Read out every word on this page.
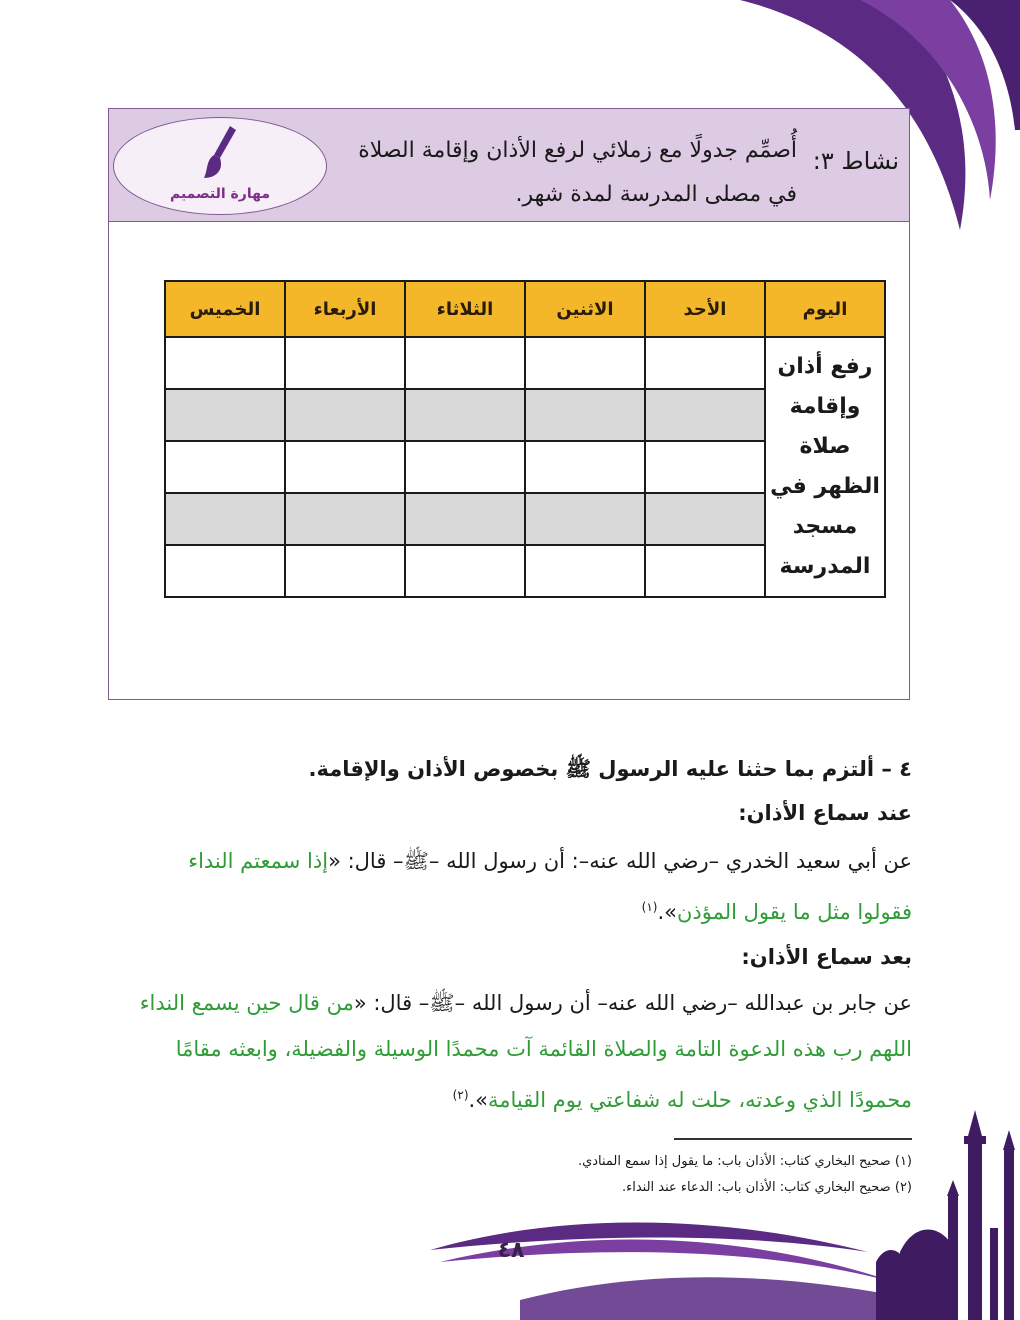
نشاط ٣:
أُصمِّم جدولًا مع زملائي لرفع الأذان وإقامة الصلاة
في مصلى المدرسة لمدة شهر.
مهارة التصميم
اليوم	الأحد	الاثنين	الثلاثاء	الأربعاء	الخميس

رفع أذان
وإقامة صلاة
الظهر في
مسجد المدرسة					

٤ – ألتزم بما حثنا عليه الرسول ﷺ بخصوص الأذان والإقامة.
عند سماع الأذان:
عن أبي سعيد الخدري –رضي الله عنه–: أن رسول الله –ﷺ– قال: «إذا سمعتم النداء فقولوا مثل ما يقول المؤذن».$^{(١)}$
بعد سماع الأذان:
عن جابر بن عبدالله –رضي الله عنه– أن رسول الله –ﷺ– قال: «من قال حين يسمع النداء اللهم رب هذه الدعوة التامة والصلاة القائمة آت محمدًا الوسيلة والفضيلة، وابعثه مقامًا محمودًا الذي وعدته، حلت له شفاعتي يوم القيامة».$^{(٢)}$
(١) صحيح البخاري كتاب: الأذان باب: ما يقول إذا سمع المنادي.
(٢) صحيح البخاري كتاب: الأذان باب: الدعاء عند النداء.
٤٨
